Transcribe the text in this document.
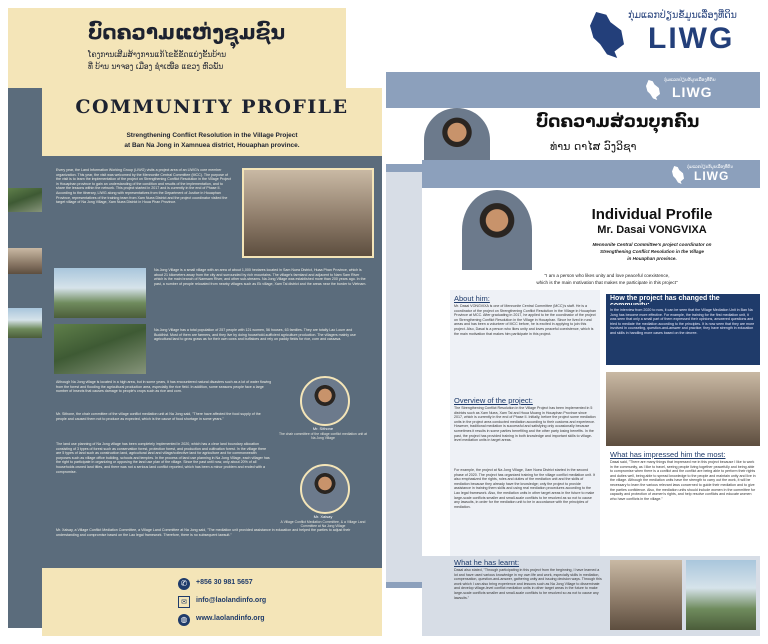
ບົດຄວາມແຫ່ງຊຸມຊົນ
ໂຄງການເສີມສ້າງການແກ້ໄຂຂໍ້ຂັດແຍ່ງຂັ້ນບ້ານ
ທີ່ ບ້ານ ນາຈອງ ເມືອງ ຊຳເໜືອ ແຂວງ ຫົວພັນ
COMMUNITY PROFILE
Strengthening Conflict Resolution in the Village Project
at Ban Na Jong in Xamnuea district, Houaphan province.
Every year, the Land Information Working Group (LIWG) visits a project area of an LIWG's core member organization. This year, the visit was welcomed by the Mennonite Central Committee (MCC). The purpose of the visit is to learn the implementation of the project on Strengthening Conflict Resolution in the Village Project in Houaphan province to gain an understanding of the condition and results of the implementation, and to share the lessons within the network. This project started in 2017 and is currently in the end of Phase II. According to the itinerary, LIWG along with representatives from the Department of Justice in Houaphan Province, representatives of the training team from Xam Nuea District and the project coordinator visited the target village of Na Jong Village, Xam Nuea District in Houa Phan Province.
Na Jong Village is a small village with an area of about 1,000 hectares located in Sam Nuea District, Huaa Phan Province, which is about 21 kilometers away from the city and surrounded by rich mountains. The village's farmland and adjacent to Nam Sam River which is the main branch of Namsam River, and other sub-streams. Na Jong Village was established more than 200 years ago. In the past, a number of people relocated from nearby villages such as Ek village, Xam Tai district and the areas near the border to Vietnam.
Na Jong Village has a total population of 257 people with 121 women, 56 houses, 63 families. They are totally Lao Loum and Buddhist. Most of them are farmers, and they live by doing household-sufficient agriculture production. The villagers mainly use agricultural land to grow grass as for their own cows and buffaloes and rely on paddy fields for rice, corn and cassava.
Although Na Jong village is located in a high area, but in some years, it has encountered natural disasters such as a lot of water flowing from the forest and flooding the agricultural production area, especially the rice field. In addition, some seasons people face a large number of insects that causes damage to people's crops such as rice and corn.
Mr. Sithone, the chair committee of the village conflict mediation unit at Na Jong said, "There have affected the food supply of the people and caused them not to produce as expected, which is the cause of food shortage in some years."
Mr. Sithone
The chair committee of the village conflict mediation unit at Na Jong Village
The land use planning of Na Jong village has been completely implemented in 2020, which has a clear land boundary allocation consisting of 3 types of forest such as conservation forest, protection forest, and production and cultivation forest. In the village there are 5 types of land such as construction land, agricultural land and village/collective land for agriculture and for commonwealth purposes such as village office building, schools and temples. In the process of land use planning in Na Jong Village, each villager has the right to participate in organizing or opposing the land use plan of the village. Since the past until now, only about 20% of all households owned land titles, and there was not a serious land conflict reported, which has been a minor problem and ended with a compromise.
Mr. Xaisay
A Village Conflict Mediation Committee, & a Village Land Committee at Na Jong Village
Mr. Xaisay, a Village Conflict Mediation Committee, a Village Land Committee at Na Jong said, "The mediation unit provided assistance in education and helped the parties to adjust their understanding and compromise based on the Lao legal framework. Therefore, there is no subsequent lawsuit."
✆	+856 30 981 5657
✉	info@laolandinfo.org
◍	www.laolandinfo.org
ກຸ່ມແລກປ່ຽນຂໍ້ມູນເລື່ອງທີ່ດິນ
LIWG
ກຸ່ມແລກປ່ຽນຂໍ້ມູນເລື່ອງທີ່ດິນ
LIWG
ບົດຄວາມສ່ວນບຸກຄົນ
ທ່ານ ດາໄສ ວົງວິຊາ
ກຸ່ມແລກປ່ຽນຂໍ້ມູນເລື່ອງທີ່ດິນ
LIWG
Individual Profile
Mr. Dasai VONGVIXA
Mennonite Central Committee's project coordinator on
Strengthening Conflict Resolution in the Village
in Houaphan province.
"I am a person who likes unity and love peaceful coexistence,
which is the main motivation that makes me participate in this project"
About him:
Mr. Dasai VONGVIXA is one of Mennonite Central Committee (MCC)'s staff. He is a coordinator of the project on Strengthening Conflict Resolution in the Village in Houaphan Province at MCC. After graduating in 2017, he applied to be the coordinator of the project on Strengthening Conflict Resolution in the Village in Houaphan. Since he lived in rural areas and has been a volunteer of MCC before, he is excited in applying to join this project. Also, Dasai is a person who likes unity and loves peaceful coexistence, which is the main motivation that makes him participate in this project.
Overview of the project:
The Strengthening Conflict Resolution in the Village Project has been implemented in 5 districts such as Xam Nuea, Xam Tai and Houa Muang in Houaphan Province since 2017, which is currently in the end of Phase II. Initially, before the project some mediation units in the project area conducted mediation according to their customs and experience. However, traditional mediation is successful and satisfying only occasionally because sometimes it results in some parties benefiting and the other party losing benefits. In the past, the project has provided training in both knowledge and important skills to village-level mediation units in target areas.
For example, the project at Na Jong Village, Xam Nuea District started in the second phase of 2020. The project has organized training for the village conflict mediation unit. It also emphasized the rights, roles and duties of the mediation unit and the skills of mediation because they already have the knowledge; only the project to provide assistance in training them skills and using real mediation procedures according to the Lao legal framework. Also, the mediation units in other target areas in the future to make large-scale conflicts smaller and small-scale conflicts to be resolved as so not to cause any lawsuits, in order for the mediation unit to be in accordance with the principles of mediation.
How the project has changed the
In the interview from 2020 to now, it can be seen that the Village Mediation Unit in Ban Na Jong has become more effective. For example, the training for the first mediation unit, it was seen that only a small part of them expressed their opinions, answered questions and tried to mediate the mediation according to the principles. It is now seen that they are more involved in counseling, question-and-answer and practice; they have strength in education and skills in handling more cases based on the decree.
What has impressed him the most:
Dasai said, "There are many things that impressed me in this project because I like to work in the community, as I like to travel, seeing people living together peacefully and being able to compromise when there is a conflict and the conflict are being able to perform their rights and duties well, being able to spread knowledge to the people and maintain unity and live in the village. Although the mediation units have the strength to carry out the work, it will be necessary to learn the various relevant laws concerned to guide their mediation and to give the parties confidence. Also, the mediation units should include women in the committee for capacity and protection of women's rights, and help resolve conflicts and educate women who have conflicts in the village."
What he has learnt:
Dasai also stated, "Through participating in this project from the beginning, I have learned a lot and have used various knowledge in my own life and work, especially skills in mediation, compensation, question-and-answer, gathering unity and issuing decision ways. Through this work which I can also bring experience and lessons such as Na Jong Village to disseminate and develop village-level conflict mediation units in other target areas in the future to make large-scale conflicts smaller and small-scale conflicts to be resolved so as not to cause any lawsuits."
